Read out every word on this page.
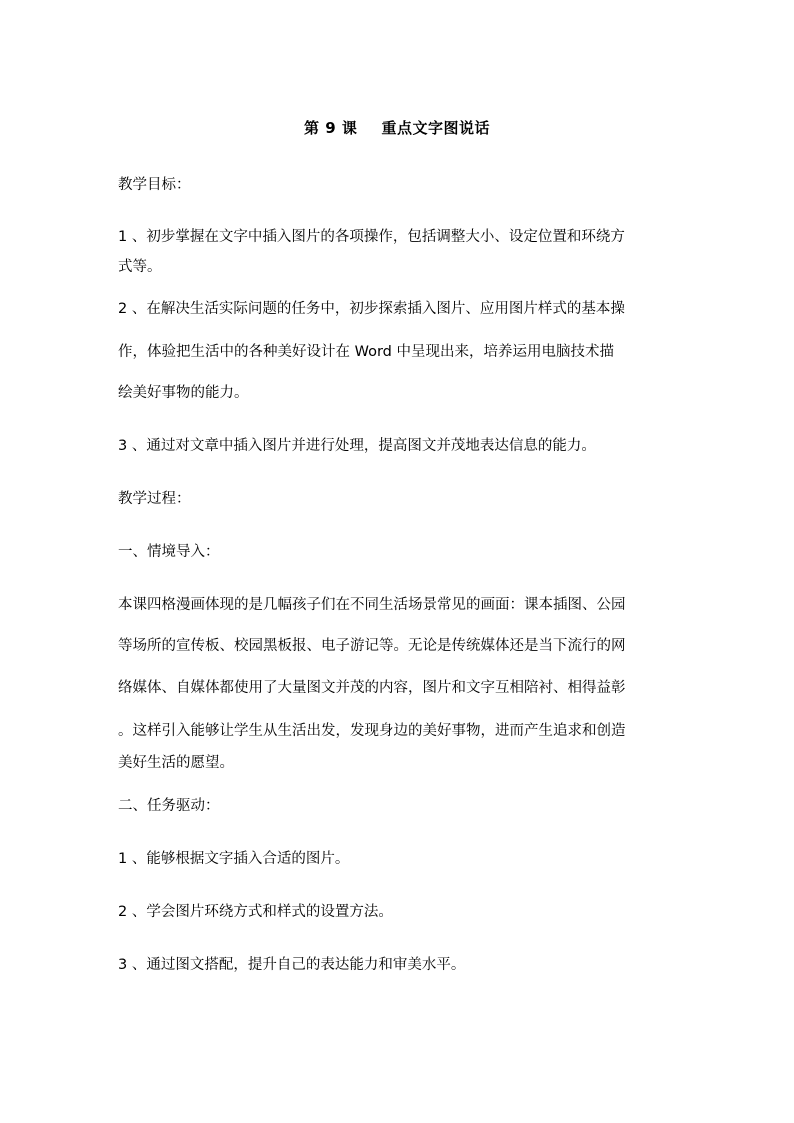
第 9 课 重点文字图说话
教学目标：
1 、初步掌握在文字中插入图片的各项操作，包括调整大小、设定位置和环绕方
式等。
2 、在解决生活实际问题的任务中，初步探索插入图片、应用图片样式的基本操
作，体验把生活中的各种美好设计在 Word 中呈现出来，培养运用电脑技术描
绘美好事物的能力。
3 、通过对文章中插入图片并进行处理，提高图文并茂地表达信息的能力。
教学过程：
一、情境导入：
本课四格漫画体现的是几幅孩子们在不同生活场景常见的画面：课本插图、公园
等场所的宣传板、校园黑板报、电子游记等。无论是传统媒体还是当下流行的网
络媒体、自媒体都使用了大量图文并茂的内容，图片和文字互相陪衬、相得益彰
。这样引入能够让学生从生活出发，发现身边的美好事物，进而产生追求和创造
美好生活的愿望。
二、任务驱动：
1 、能够根据文字插入合适的图片。
2 、学会图片环绕方式和样式的设置方法。
3 、通过图文搭配，提升自己的表达能力和审美水平。
